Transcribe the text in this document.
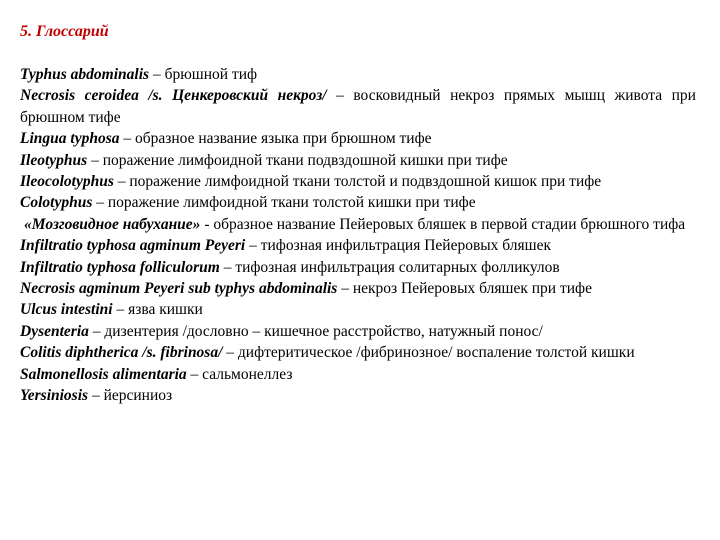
5. Глоссарий

Typhus abdominalis – брюшной тиф

Necrosis ceroidea /s. Ценкеровский некроз/ – восковидный некроз прямых мышц живота при брюшном тифе

Lingua typhosa – образное название языка при брюшном тифе

Ileotyphus – поражение лимфоидной ткани подвздошной кишки при тифе

Ileocolotyphus – поражение лимфоидной ткани толстой и подвздошной кишок при тифе

Colotyphus – поражение лимфоидной ткани толстой кишки при тифе

«Мозговидное набухание» - образное название Пейеровых бляшек в первой стадии брюшного тифа

Infiltratio typhosa agminum Peyeri – тифозная инфильтрация Пейеровых бляшек

Infiltratio typhosa folliculorum – тифозная инфильтрация солитарных фолликулов

Necrosis agminum Peyeri sub typhys abdominalis – некроз Пейеровых бляшек при тифе

Ulcus intestini – язва кишки

Dysenteria – дизентерия /дословно – кишечное расстройство, натужный понос/

Colitis diphtherica /s. fibrinosa/ – дифтеритическое /фибринозное/ воспаление толстой кишки

Salmonellosis alimentaria – сальмонеллез

Yersiniosis – йерсиниоз
